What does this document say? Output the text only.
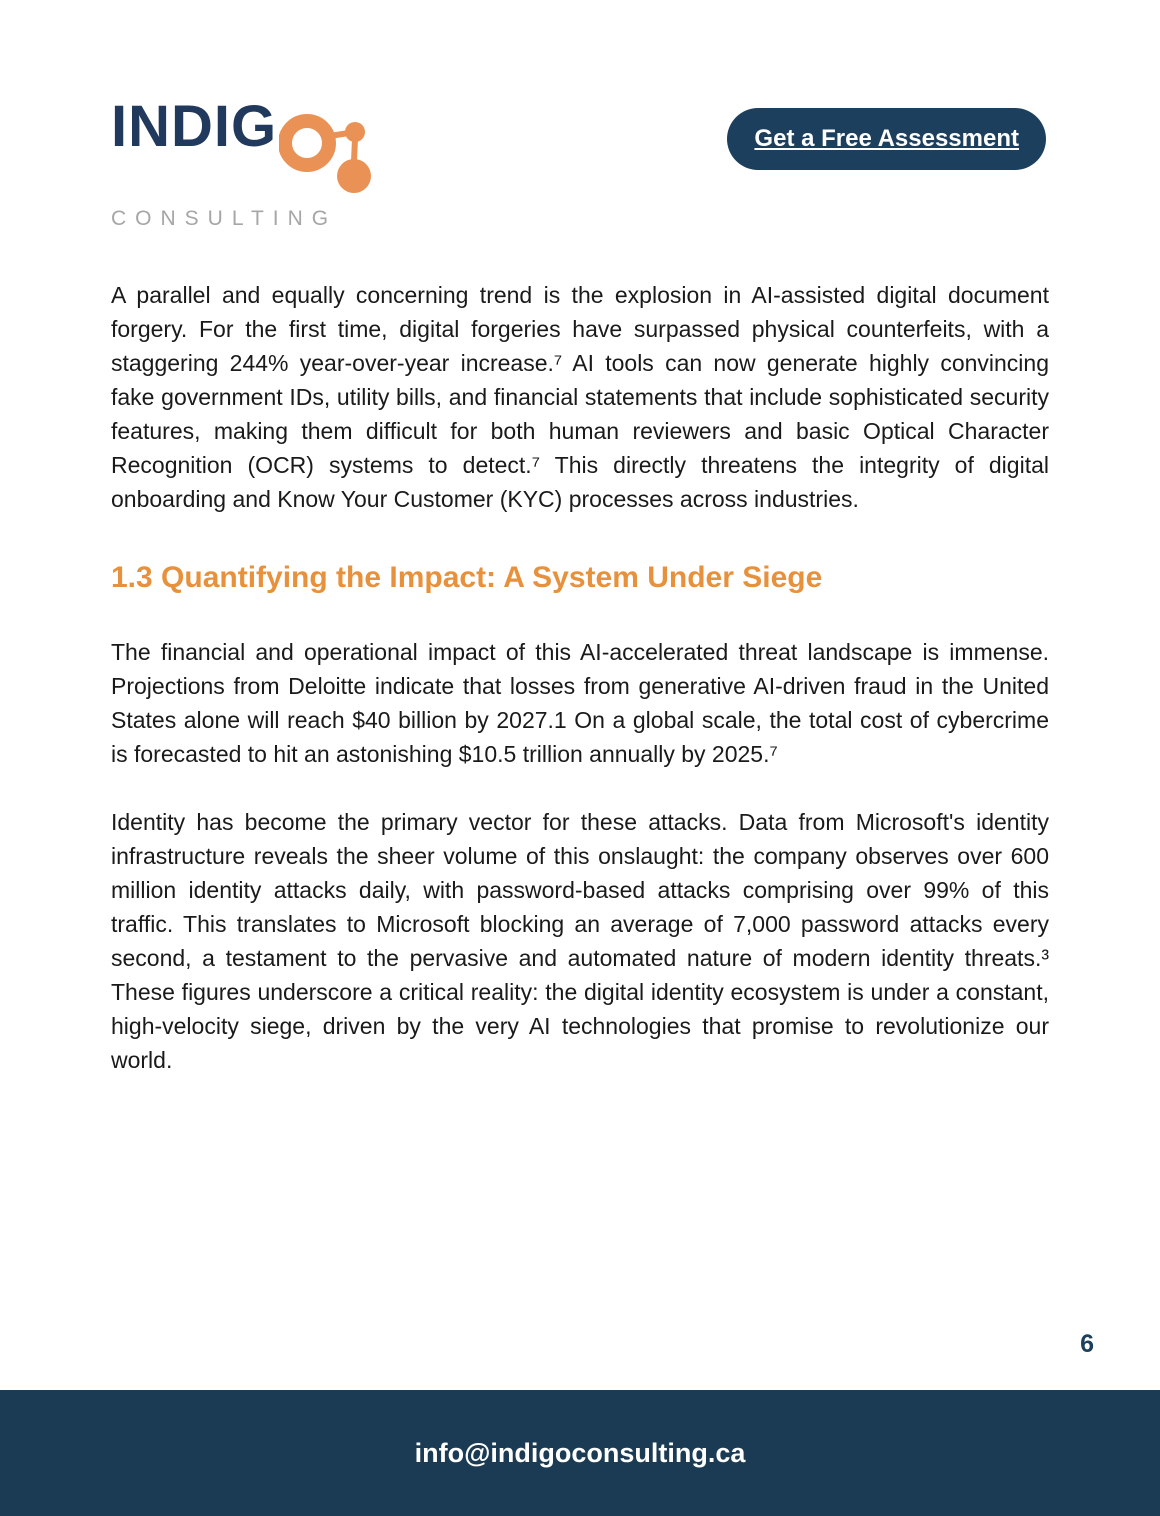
INDIG
CONSULTING
Get a Free Assessment

A parallel and equally concerning trend is the explosion in AI-assisted digital document forgery. For the first time, digital forgeries have surpassed physical counterfeits, with a staggering 244% year-over-year increase.⁷ AI tools can now generate highly convincing fake government IDs, utility bills, and financial statements that include sophisticated security features, making them difficult for both human reviewers and basic Optical Character Recognition (OCR) systems to detect.⁷ This directly threatens the integrity of digital onboarding and Know Your Customer (KYC) processes across industries.

1.3 Quantifying the Impact: A System Under Siege

The financial and operational impact of this AI-accelerated threat landscape is immense. Projections from Deloitte indicate that losses from generative AI-driven fraud in the United States alone will reach $40 billion by 2027.1 On a global scale, the total cost of cybercrime is forecasted to hit an astonishing $10.5 trillion annually by 2025.⁷

Identity has become the primary vector for these attacks. Data from Microsoft's identity infrastructure reveals the sheer volume of this onslaught: the company observes over 600 million identity attacks daily, with password-based attacks comprising over 99% of this traffic. This translates to Microsoft blocking an average of 7,000 password attacks every second, a testament to the pervasive and automated nature of modern identity threats.³ These figures underscore a critical reality: the digital identity ecosystem is under a constant, high-velocity siege, driven by the very AI technologies that promise to revolutionize our world.

6
info@indigoconsulting.ca
